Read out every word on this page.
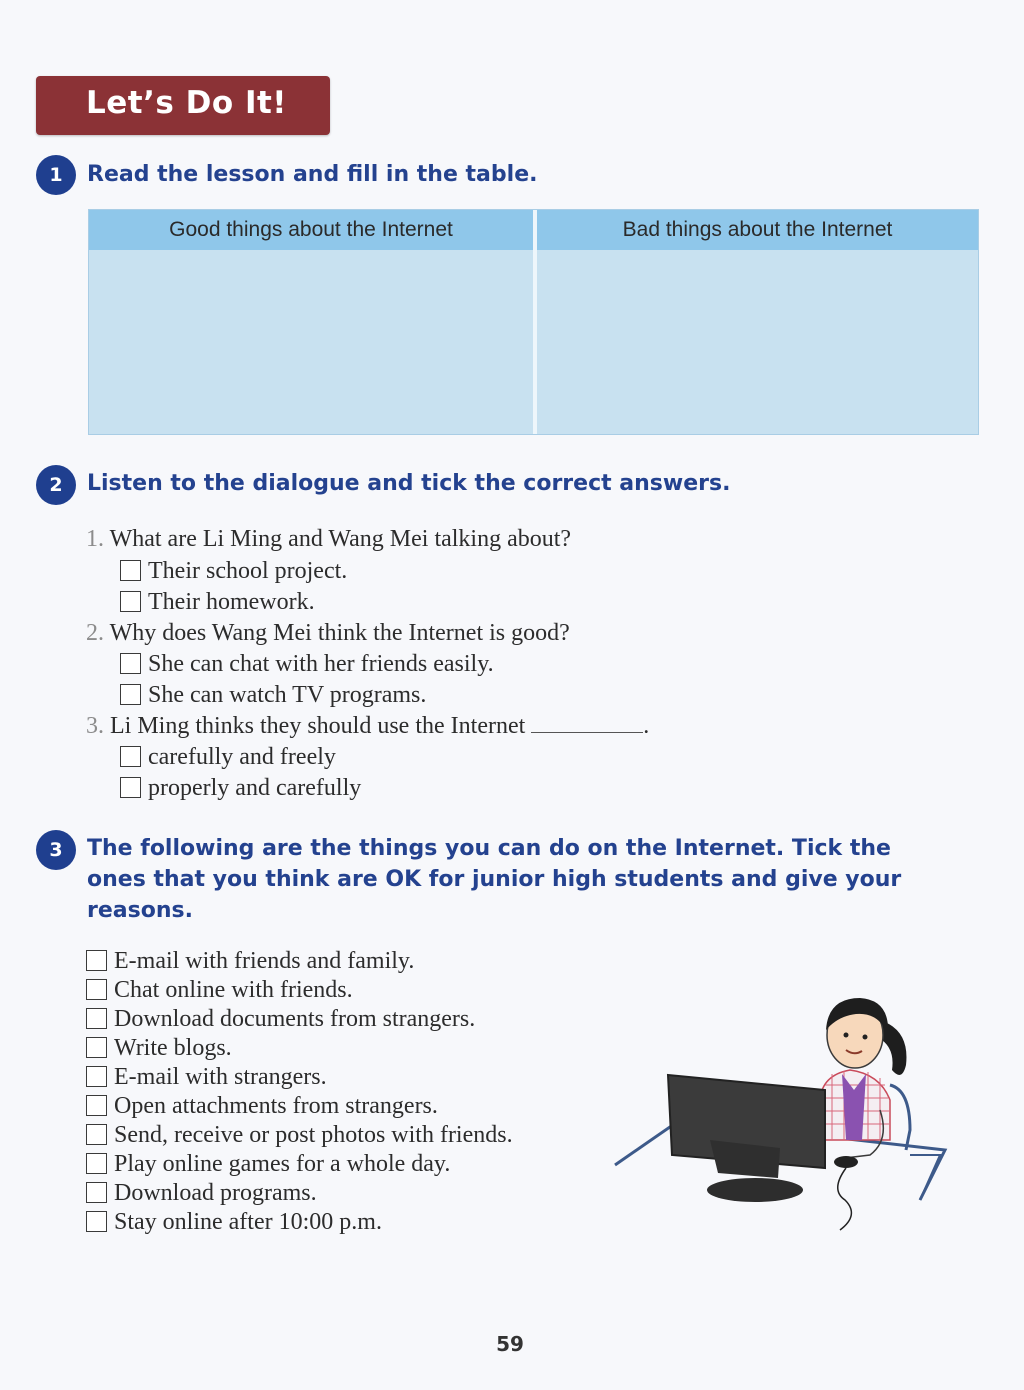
Let’s Do It!
1	Read the lesson and fill in the table.
Good things about the Internet	Bad things about the Internet
2	Listen to the dialogue and tick the correct answers.
1. What are Li Ming and Wang Mei talking about?
Their school project.
Their homework.
2. Why does Wang Mei think the Internet is good?
She can chat with her friends easily.
She can watch TV programs.
3. Li Ming thinks they should use the Internet	.
carefully and freely
properly and carefully
3	The following are the things you can do on the Internet. Tick the
ones that you think are OK for junior high students and give your
reasons.
E-mail with friends and family.
Chat online with friends.
Download documents from strangers.
Write blogs.
E-mail with strangers.
Open attachments from strangers.
Send, receive or post photos with friends.
Play online games for a whole day.
Download programs.
Stay online after 10:00 p.m.
59
